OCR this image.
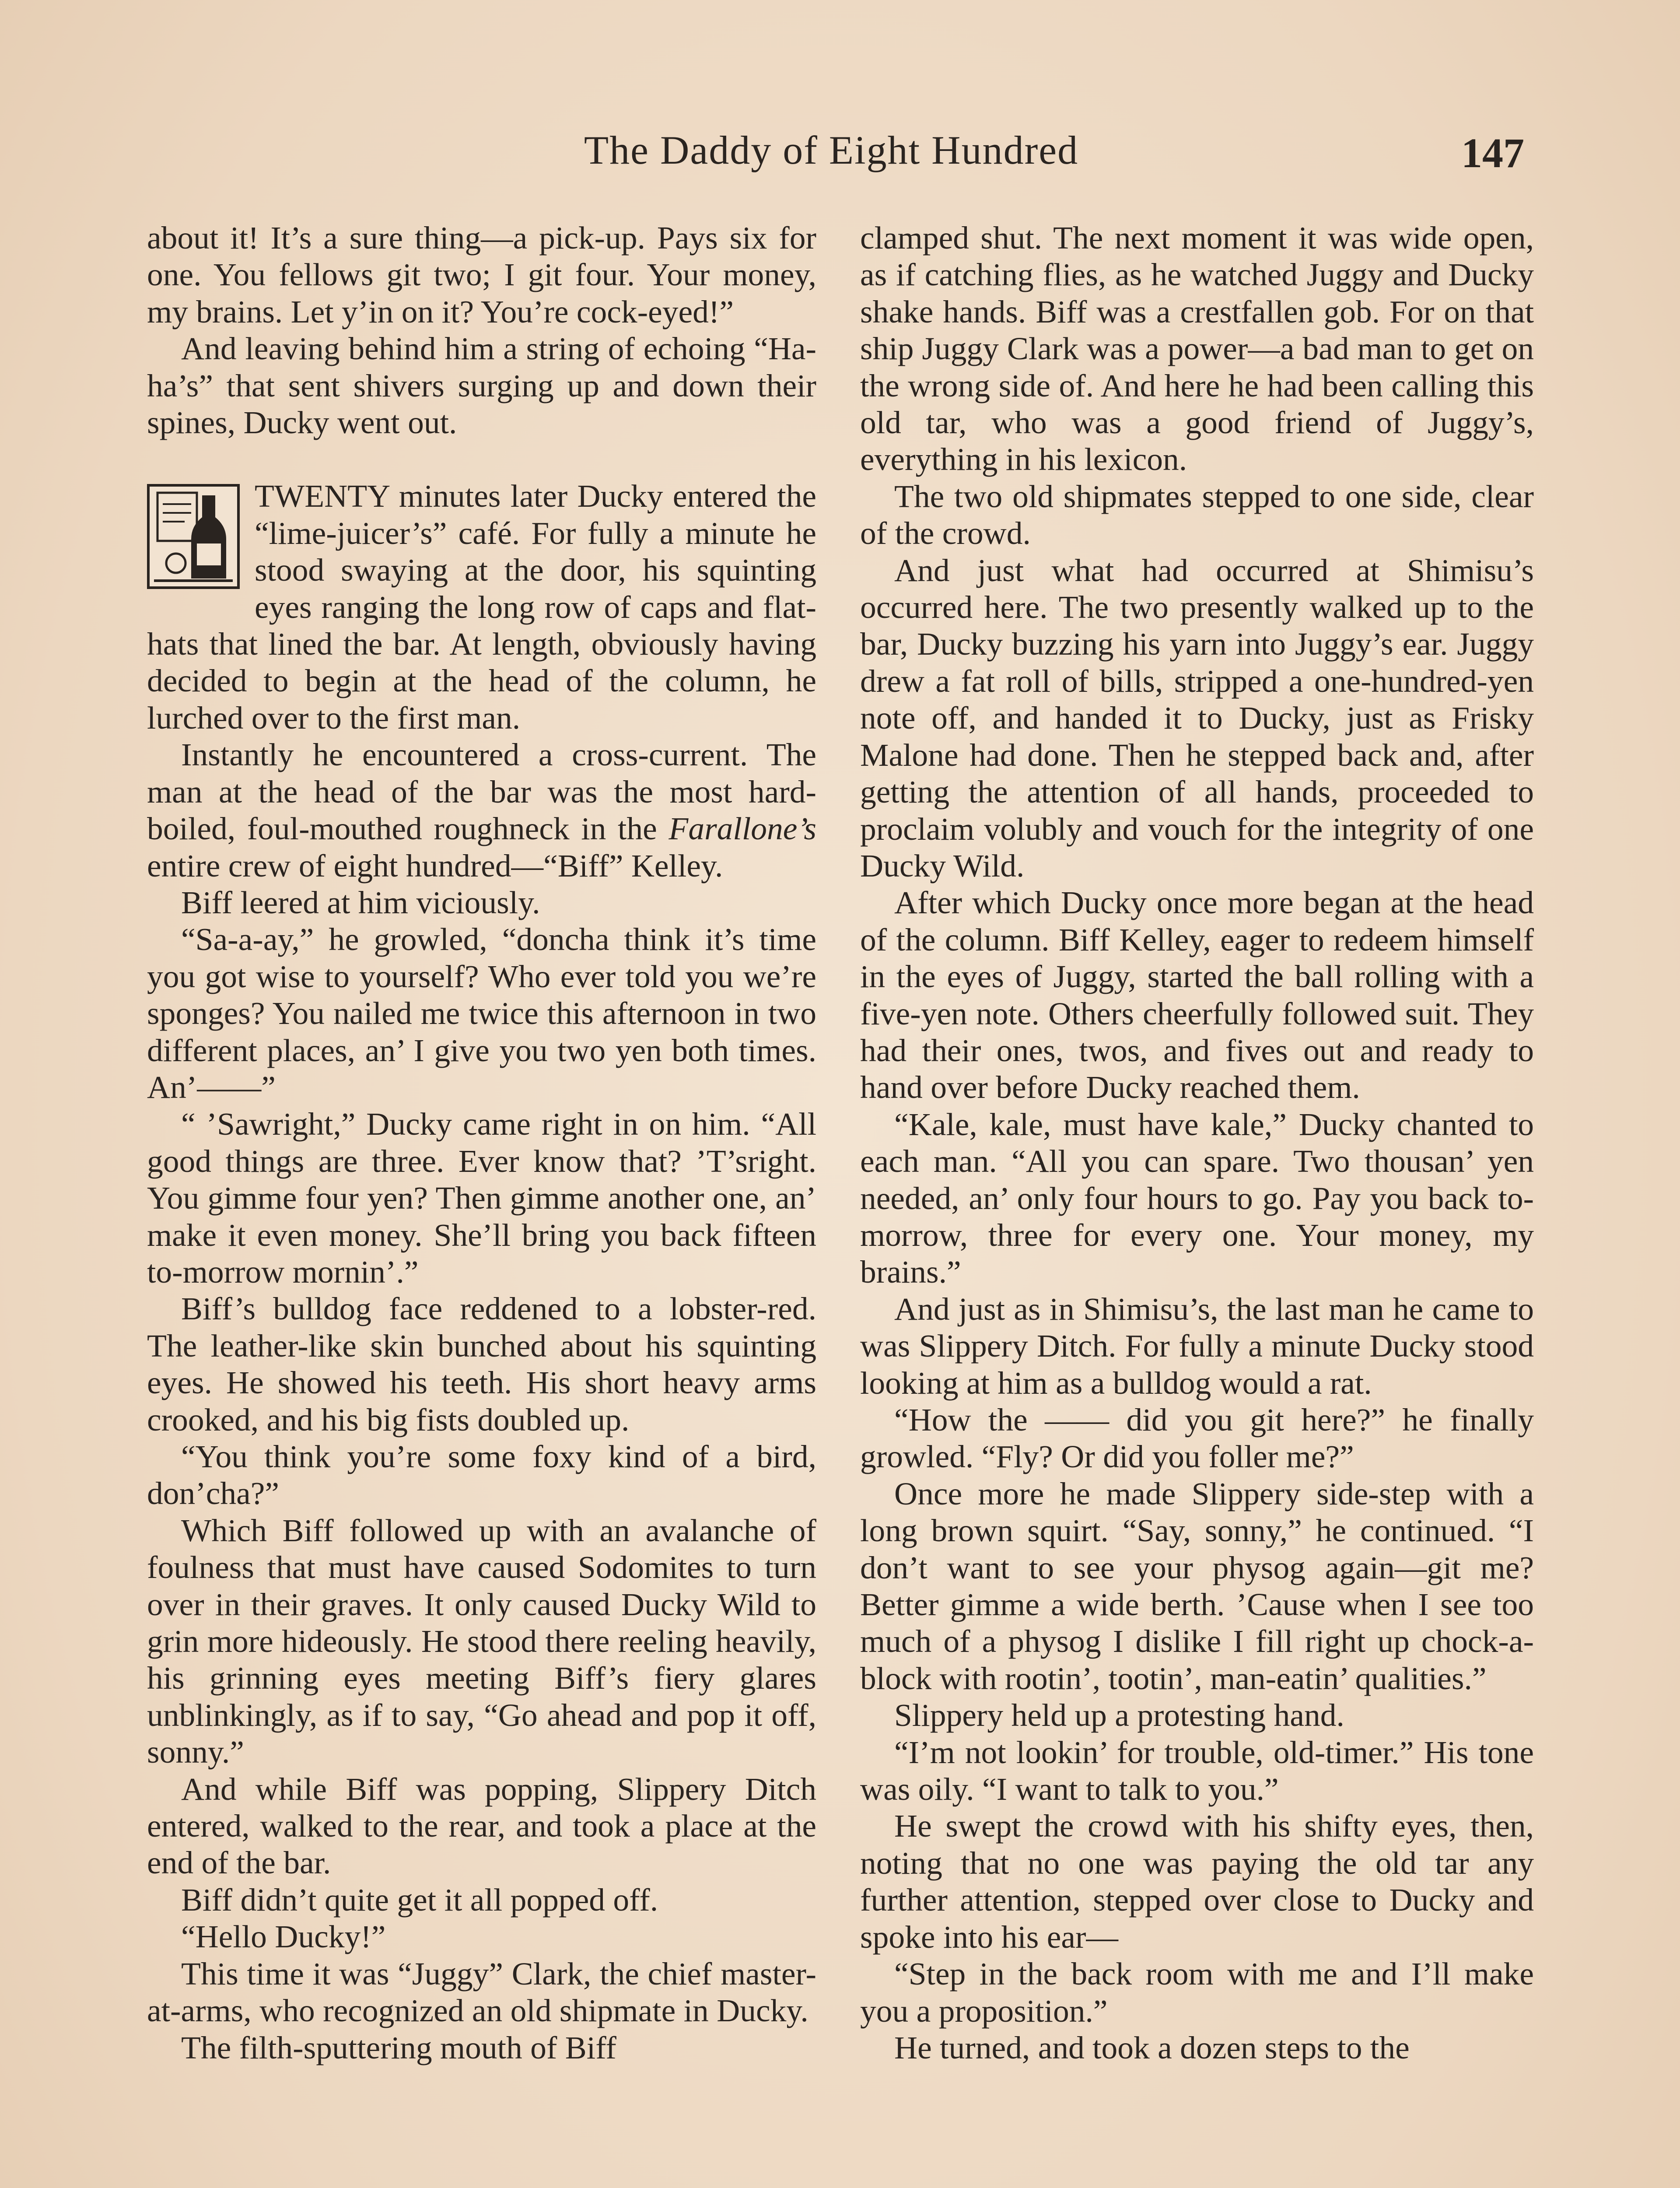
The Daddy of Eight Hundred	147

about it! It’s a sure thing—a pick-up. Pays six for one. You fellows git two; I git four. Your money, my brains. Let y’in on it? You’re cock-eyed!”

And leaving behind him a string of echoing “Ha-ha’s” that sent shivers surging up and down their spines, Ducky went out.

TWENTY minutes later Ducky entered the “lime-juicer’s” café. For fully a minute he stood swaying at the door, his squinting eyes ranging the long row of caps and flat-hats that lined the bar. At length, obviously having decided to begin at the head of the column, he lurched over to the first man.

Instantly he encountered a cross-current. The man at the head of the bar was the most hard-boiled, foul-mouthed roughneck in the Farallone’s entire crew of eight hundred—“Biff” Kelley.

Biff leered at him viciously.

“Sa-a-ay,” he growled, “doncha think it’s time you got wise to yourself? Who ever told you we’re sponges? You nailed me twice this afternoon in two different places, an’ I give you two yen both times. An’——”

“ ’Sawright,” Ducky came right in on him. “All good things are three. Ever know that? ’T’sright. You gimme four yen? Then gimme another one, an’ make it even money. She’ll bring you back fifteen to-morrow mornin’.”

Biff’s bulldog face reddened to a lobster-red. The leather-like skin bunched about his squinting eyes. He showed his teeth. His short heavy arms crooked, and his big fists doubled up.

“You think you’re some foxy kind of a bird, don’cha?”

Which Biff followed up with an avalanche of foulness that must have caused Sodomites to turn over in their graves. It only caused Ducky Wild to grin more hideously. He stood there reeling heavily, his grinning eyes meeting Biff’s fiery glares unblinkingly, as if to say, “Go ahead and pop it off, sonny.”

And while Biff was popping, Slippery Ditch entered, walked to the rear, and took a place at the end of the bar.

Biff didn’t quite get it all popped off.

“Hello Ducky!”

This time it was “Juggy” Clark, the chief master-at-arms, who recognized an old shipmate in Ducky.

The filth-sputtering mouth of Biff

clamped shut. The next moment it was wide open, as if catching flies, as he watched Juggy and Ducky shake hands. Biff was a crestfallen gob. For on that ship Juggy Clark was a power—a bad man to get on the wrong side of. And here he had been calling this old tar, who was a good friend of Juggy’s, everything in his lexicon.

The two old shipmates stepped to one side, clear of the crowd.

And just what had occurred at Shimisu’s occurred here. The two presently walked up to the bar, Ducky buzzing his yarn into Juggy’s ear. Juggy drew a fat roll of bills, stripped a one-hundred-yen note off, and handed it to Ducky, just as Frisky Malone had done. Then he stepped back and, after getting the attention of all hands, proceeded to proclaim volubly and vouch for the integrity of one Ducky Wild.

After which Ducky once more began at the head of the column. Biff Kelley, eager to redeem himself in the eyes of Juggy, started the ball rolling with a five-yen note. Others cheerfully followed suit. They had their ones, twos, and fives out and ready to hand over before Ducky reached them.

“Kale, kale, must have kale,” Ducky chanted to each man. “All you can spare. Two thousan’ yen needed, an’ only four hours to go. Pay you back to-morrow, three for every one. Your money, my brains.”

And just as in Shimisu’s, the last man he came to was Slippery Ditch. For fully a minute Ducky stood looking at him as a bulldog would a rat.

“How the —— did you git here?” he finally growled. “Fly? Or did you foller me?”

Once more he made Slippery side-step with a long brown squirt. “Say, sonny,” he continued. “I don’t want to see your physog again—git me? Better gimme a wide berth. ’Cause when I see too much of a physog I dislike I fill right up chock-a-block with rootin’, tootin’, man-eatin’ qualities.”

Slippery held up a protesting hand.

“I’m not lookin’ for trouble, old-timer.” His tone was oily. “I want to talk to you.”

He swept the crowd with his shifty eyes, then, noting that no one was paying the old tar any further attention, stepped over close to Ducky and spoke into his ear—

“Step in the back room with me and I’ll make you a proposition.”

He turned, and took a dozen steps to the
